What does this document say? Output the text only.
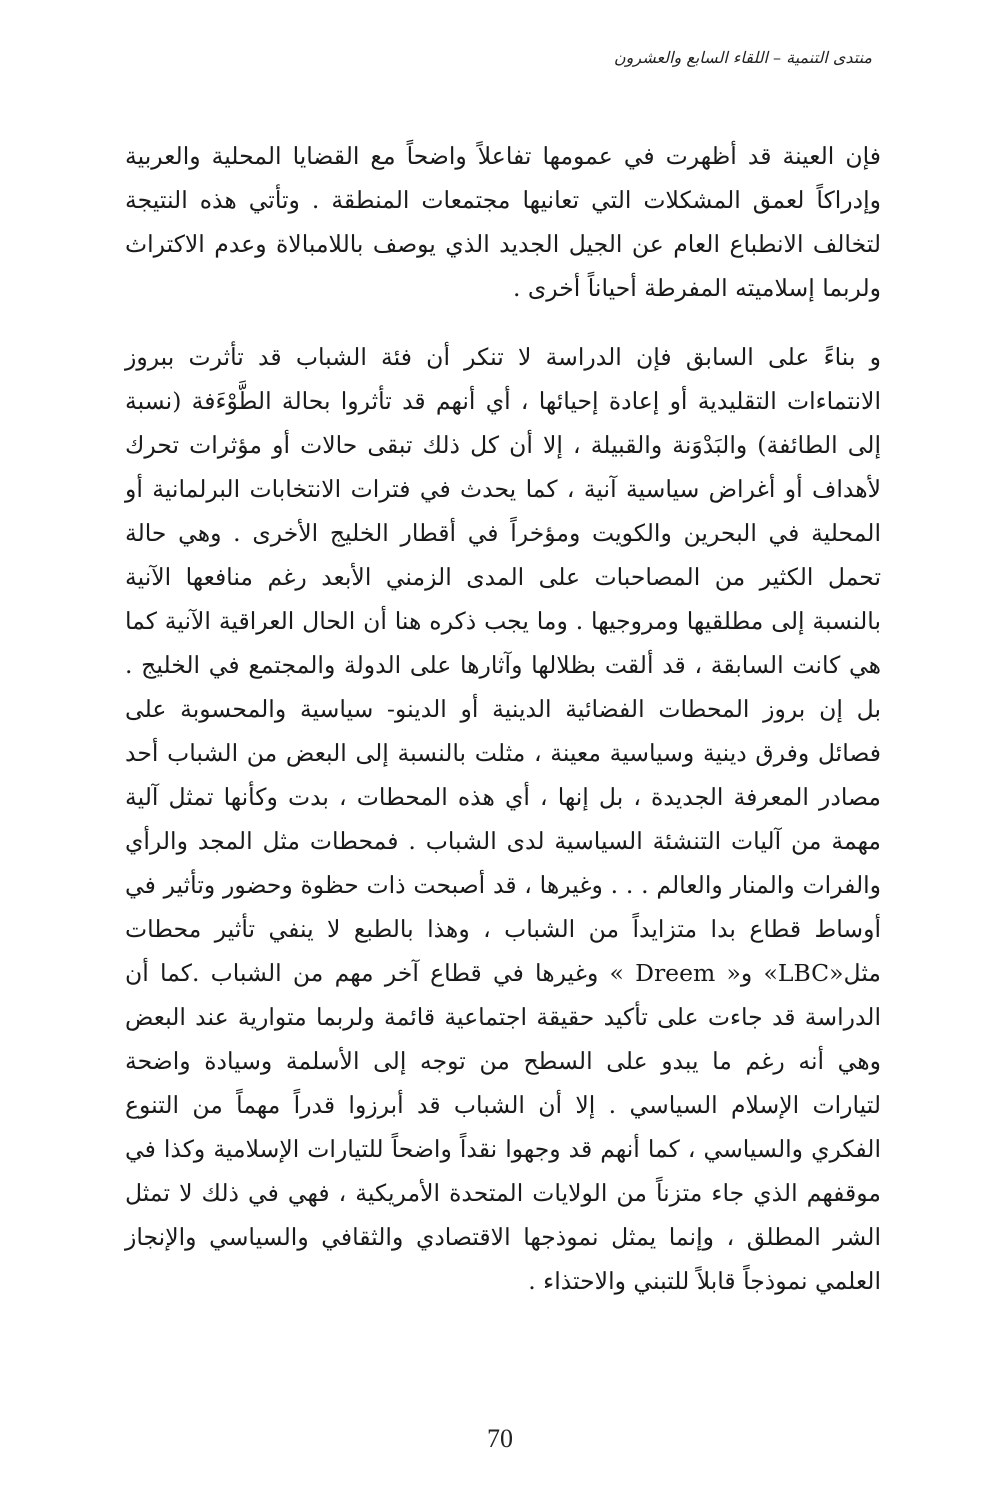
منتدى التنمية – اللقاء السابع والعشرون

فإن العينة قد أظهرت في عمومها تفاعلاً واضحاً مع القضايا المحلية والعربية وإدراكاً لعمق المشكلات التي تعانيها مجتمعات المنطقة . وتأتي هذه النتيجة لتخالف الانطباع العام عن الجيل الجديد الذي يوصف باللامبالاة وعدم الاكتراث ولربما إسلاميته المفرطة أحياناً أخرى .

و بناءً على السابق فإن الدراسة لا تنكر أن فئة الشباب قد تأثرت ببروز الانتماءات التقليدية أو إعادة إحيائها ، أي أنهم قد تأثروا بحالة الطَّوْءَفة (نسبة إلى الطائفة) والبَدْوَنة والقبيلة ، إلا أن كل ذلك تبقى حالات أو مؤثرات تحرك لأهداف أو أغراض سياسية آنية ، كما يحدث في فترات الانتخابات البرلمانية أو المحلية في البحرين والكويت ومؤخراً في أقطار الخليج الأخرى . وهي حالة تحمل الكثير من المصاحبات على المدى الزمني الأبعد رغم منافعها الآنية بالنسبة إلى مطلقيها ومروجيها . وما يجب ذكره هنا أن الحال العراقية الآنية كما هي كانت السابقة ، قد ألقت بظلالها وآثارها على الدولة والمجتمع في الخليج . بل إن بروز المحطات الفضائية الدينية أو الدينو- سياسية والمحسوبة على فصائل وفرق دينية وسياسية معينة ، مثلت بالنسبة إلى البعض من الشباب أحد مصادر المعرفة الجديدة ، بل إنها ، أي هذه المحطات ، بدت وكأنها تمثل آلية مهمة من آليات التنشئة السياسية لدى الشباب . فمحطات مثل المجد والرأي والفرات والمنار والعالم . . . وغيرها ، قد أصبحت ذات حظوة وحضور وتأثير في أوساط قطاع بدا متزايداً من الشباب ، وهذا بالطبع لا ينفي تأثير محطات مثل«LBC» و« Dreem » وغيرها في قطاع آخر مهم من الشباب .كما أن الدراسة قد جاءت على تأكيد حقيقة اجتماعية قائمة ولربما متوارية عند البعض وهي أنه رغم ما يبدو على السطح من توجه إلى الأسلمة وسيادة واضحة لتيارات الإسلام السياسي . إلا أن الشباب قد أبرزوا قدراً مهماً من التنوع الفكري والسياسي ، كما أنهم قد وجهوا نقداً واضحاً للتيارات الإسلامية وكذا في موقفهم الذي جاء متزناً من الولايات المتحدة الأمريكية ، فهي في ذلك لا تمثل الشر المطلق ، وإنما يمثل نموذجها الاقتصادي والثقافي والسياسي والإنجاز العلمي نموذجاً قابلاً للتبني والاحتذاء .

70
